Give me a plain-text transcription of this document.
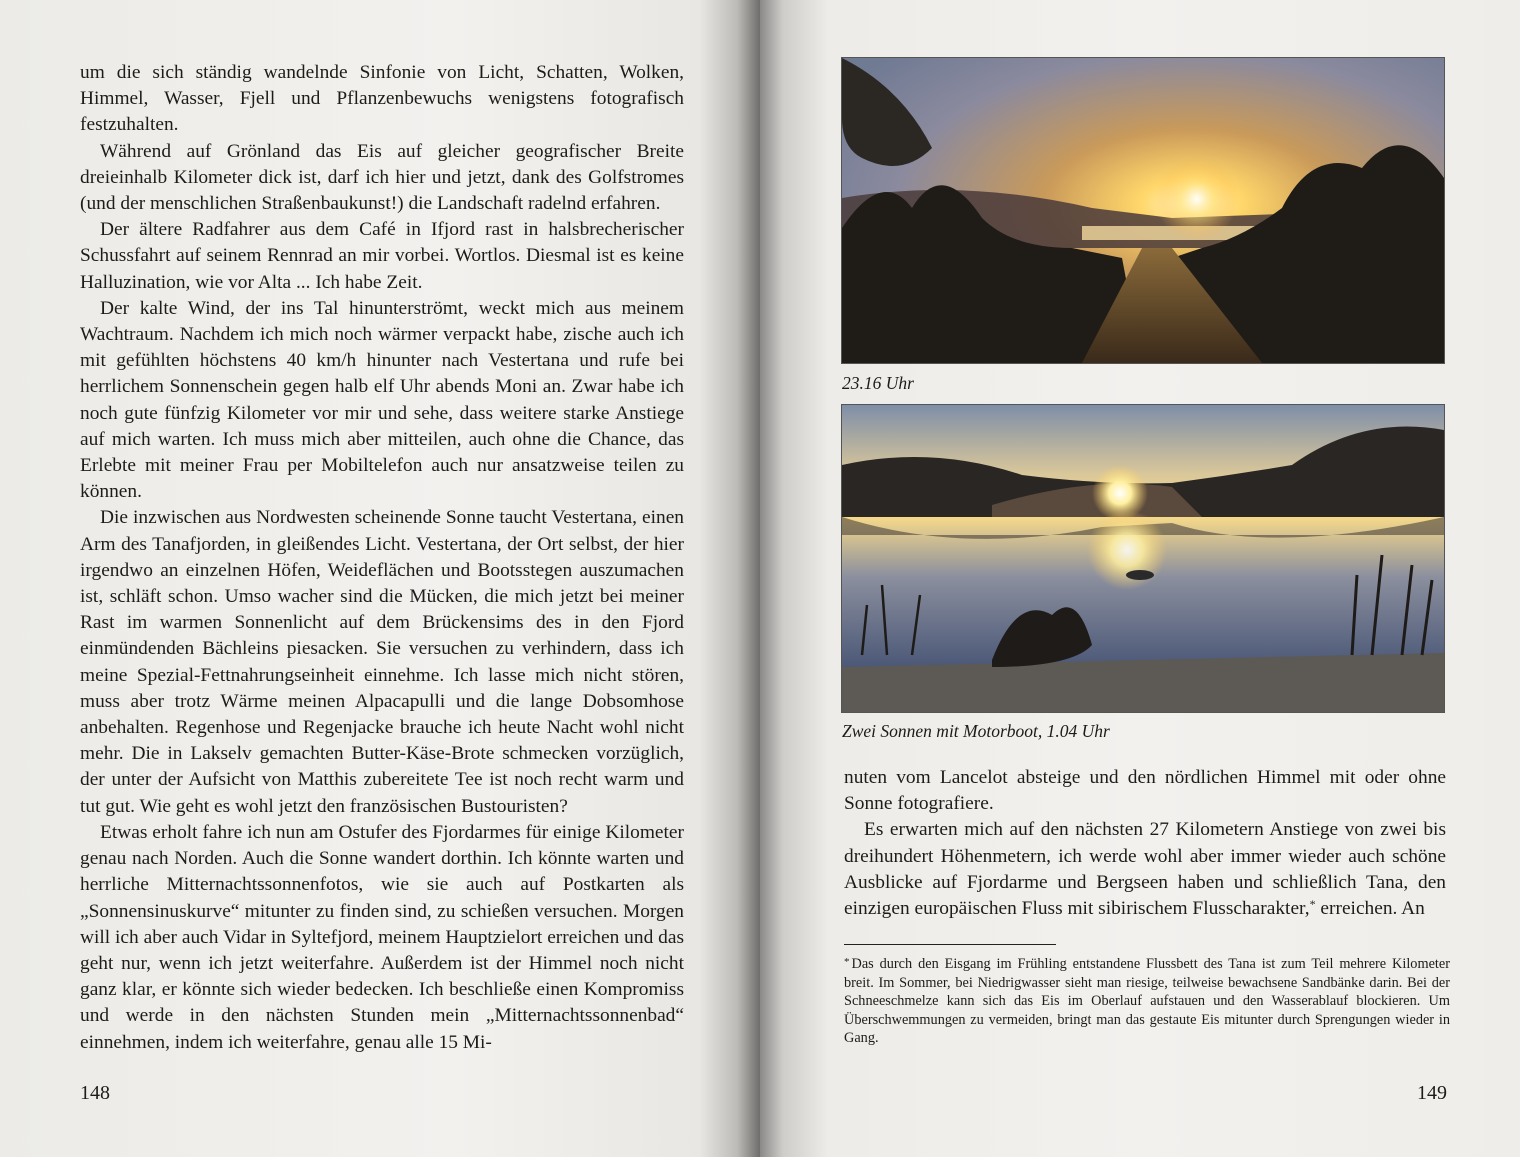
um die sich ständig wandelnde Sinfonie von Licht, Schatten, Wolken, Himmel, Wasser, Fjell und Pflanzenbewuchs wenigstens fotografisch festzuhalten.

Während auf Grönland das Eis auf gleicher geografischer Breite dreieinhalb Kilometer dick ist, darf ich hier und jetzt, dank des Golfstromes (und der menschlichen Straßenbaukunst!) die Landschaft radelnd erfahren.

Der ältere Radfahrer aus dem Café in Ifjord rast in halsbrecherischer Schussfahrt auf seinem Rennrad an mir vorbei. Wortlos. Diesmal ist es keine Halluzination, wie vor Alta ... Ich habe Zeit.

Der kalte Wind, der ins Tal hinunterströmt, weckt mich aus meinem Wachtraum. Nachdem ich mich noch wärmer verpackt habe, zische auch ich mit gefühlten höchstens 40 km/h hinunter nach Vestertana und rufe bei herrlichem Sonnenschein gegen halb elf Uhr abends Moni an. Zwar habe ich noch gute fünfzig Kilometer vor mir und sehe, dass weitere starke Anstiege auf mich warten. Ich muss mich aber mitteilen, auch ohne die Chance, das Erlebte mit meiner Frau per Mobiltelefon auch nur ansatzweise teilen zu können.

Die inzwischen aus Nordwesten scheinende Sonne taucht Vestertana, einen Arm des Tanafjorden, in gleißendes Licht. Vestertana, der Ort selbst, der hier irgendwo an einzelnen Höfen, Weideflächen und Bootsstegen auszumachen ist, schläft schon. Umso wacher sind die Mücken, die mich jetzt bei meiner Rast im warmen Sonnenlicht auf dem Brückensims des in den Fjord einmündenden Bächleins piesacken. Sie versuchen zu verhindern, dass ich meine Spezial-Fettnahrungseinheit einnehme. Ich lasse mich nicht stören, muss aber trotz Wärme meinen Alpacapulli und die lange Dobsomhose anbehalten. Regenhose und Regenjacke brauche ich heute Nacht wohl nicht mehr. Die in Lakselv gemachten Butter-Käse-Brote schmecken vorzüglich, der unter der Aufsicht von Matthis zubereitete Tee ist noch recht warm und tut gut. Wie geht es wohl jetzt den französischen Bustouristen?

Etwas erholt fahre ich nun am Ostufer des Fjordarmes für einige Kilometer genau nach Norden. Auch die Sonne wandert dorthin. Ich könnte warten und herrliche Mitternachtssonnenfotos, wie sie auch auf Postkarten als „Sonnensinuskurve“ mitunter zu finden sind, zu schießen versuchen. Morgen will ich aber auch Vidar in Syltefjord, meinem Hauptzielort erreichen und das geht nur, wenn ich jetzt weiterfahre. Außerdem ist der Himmel noch nicht ganz klar, er könnte sich wieder bedecken. Ich beschließe einen Kompromiss und werde in den nächsten Stunden mein „Mitternachtssonnenbad“ einnehmen, indem ich weiterfahre, genau alle 15 Mi-

148
23.16 Uhr
Zwei Sonnen mit Motorboot, 1.04 Uhr

nuten vom Lancelot absteige und den nördlichen Himmel mit oder ohne Sonne fotografiere.

Es erwarten mich auf den nächsten 27 Kilometern Anstiege von zwei bis dreihundert Höhenmetern, ich werde wohl aber immer wieder auch schöne Ausblicke auf Fjordarme und Bergseen haben und schließlich Tana, den einzigen europäischen Fluss mit sibirischem Flusscharakter,* erreichen. An

* Das durch den Eisgang im Frühling entstandene Flussbett des Tana ist zum Teil mehrere Kilometer breit. Im Sommer, bei Niedrigwasser sieht man riesige, teilweise bewachsene Sandbänke darin. Bei der Schneeschmelze kann sich das Eis im Oberlauf aufstauen und den Wasserablauf blockieren. Um Überschwemmungen zu vermeiden, bringt man das gestaute Eis mitunter durch Sprengungen wieder in Gang.
149
